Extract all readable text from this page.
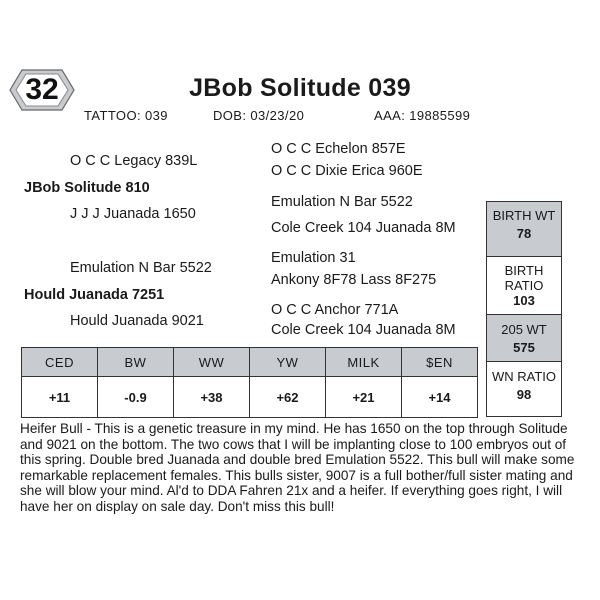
32	JBob Solitude 039
TATTOO: 039	DOB: 03/23/20	AAA: 19885599
O C C Legacy 839L
JBob Solitude 810
J J J Juanada 1650
O C C Echelon 857E
O C C Dixie Erica 960E
Emulation N Bar 5522
Cole Creek 104 Juanada 8M
Emulation N Bar 5522
Hould Juanada 7251
Hould Juanada 9021
Emulation 31
Ankony 8F78 Lass 8F275
O C C Anchor 771A
Cole Creek 104 Juanada 8M
BIRTH WT
78
BIRTH
RATIO
103
205 WT
575
WN RATIO
98
CED	BW	WW	YW	MILK	$EN
+11	-0.9	+38	+62	+21	+14

Heifer Bull - This is a genetic treasure in my mind. He has 1650 on the top through Solitude and 9021 on the bottom. The two cows that I will be implanting close to 100 embryos out of this spring. Double bred Juanada and double bred Emulation 5522. This bull will make some remarkable replacement females. This bulls sister, 9007 is a full bother/full sister mating and she will blow your mind. Al'd to DDA Fahren 21x and a heifer. If everything goes right, I will have her on display on sale day. Don't miss this bull!
